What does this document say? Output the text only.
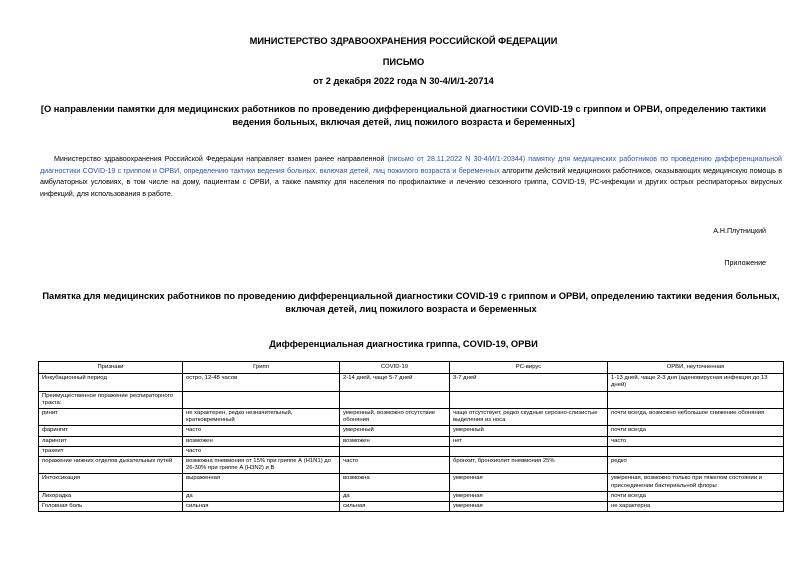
МИНИСТЕРСТВО ЗДРАВООХРАНЕНИЯ РОССИЙСКОЙ ФЕДЕРАЦИИ
ПИСЬМО
от 2 декабря 2022 года N 30-4/И/1-20714
[О направлении памятки для медицинских работников по проведению дифференциальной диагностики COVID-19 с гриппом и ОРВИ, определению тактики ведения больных, включая детей, лиц пожилого возраста и беременных]
Министерство здравоохранения Российской Федерации направляет взамен ранее направленной (письмо от 28.11.2022 N 30-4/И/1-20344) памятку для медицинских работников по проведению дифференциальной диагностики COVID-19 с гриппом и ОРВИ, определению тактики ведения больных, включая детей, лиц пожилого возраста и беременных алгоритм действий медицинских работников, оказывающих медицинскую помощь в амбулаторных условиях, в том числе на дому, пациентам с ОРВИ, а также памятку для населения по профилактике и лечению сезонного гриппа, COVID-19, PC-инфекции и других острых респираторных вирусных инфекций, для использования в работе.
А.Н.Плутницкий
Приложение
Памятка для медицинских работников по проведению дифференциальной диагностики COVID-19 с гриппом и ОРВИ, определению тактики ведения больных, включая детей, лиц пожилого возраста и беременных
Дифференциальная диагностика гриппа, COVID-19, ОРВИ
Признаки	Грипп	COVID-19	РС-вирус	ОРВИ, неуточненная
Инкубационный период	остро, 12-48 часов	2-14 дней, чаще 5-7 дней	3-7 дней	1-13 дней, чаще 2-3 дня (аденовирусная инфекция до 13 дней)
Преимущественное поражение респираторного тракта:				
ринит	не характерен, редко незначительный, кратковременный	умеренный, возможно отсутствие обоняния	чаще отсутствует, редко скудные серозно-слизистые выделения из носа	почти всегда, возможно небольшое снижение обоняния
фарингит	часто	умеренный	умеренный	почти всегда
ларингит	возможен	возможен	нет	часто
трахеит	часто			
поражение нижних отделов дыхательных путей	возможна пневмония от 15% при гриппе А (H1N1) до 26-30% при гриппе А (H3N2) и В	часто	бронхит, бронхиолит пневмония 25%	редко
Интоксикация	выраженная	возможна	умеренная	умеренная, возможно только при тяжелом состоянии и присоединении бактериальной флоры
Лихорадка	да	да	умеренная	почти всегда
Головная боль	сильная	сильная	умеренная	не характерна
